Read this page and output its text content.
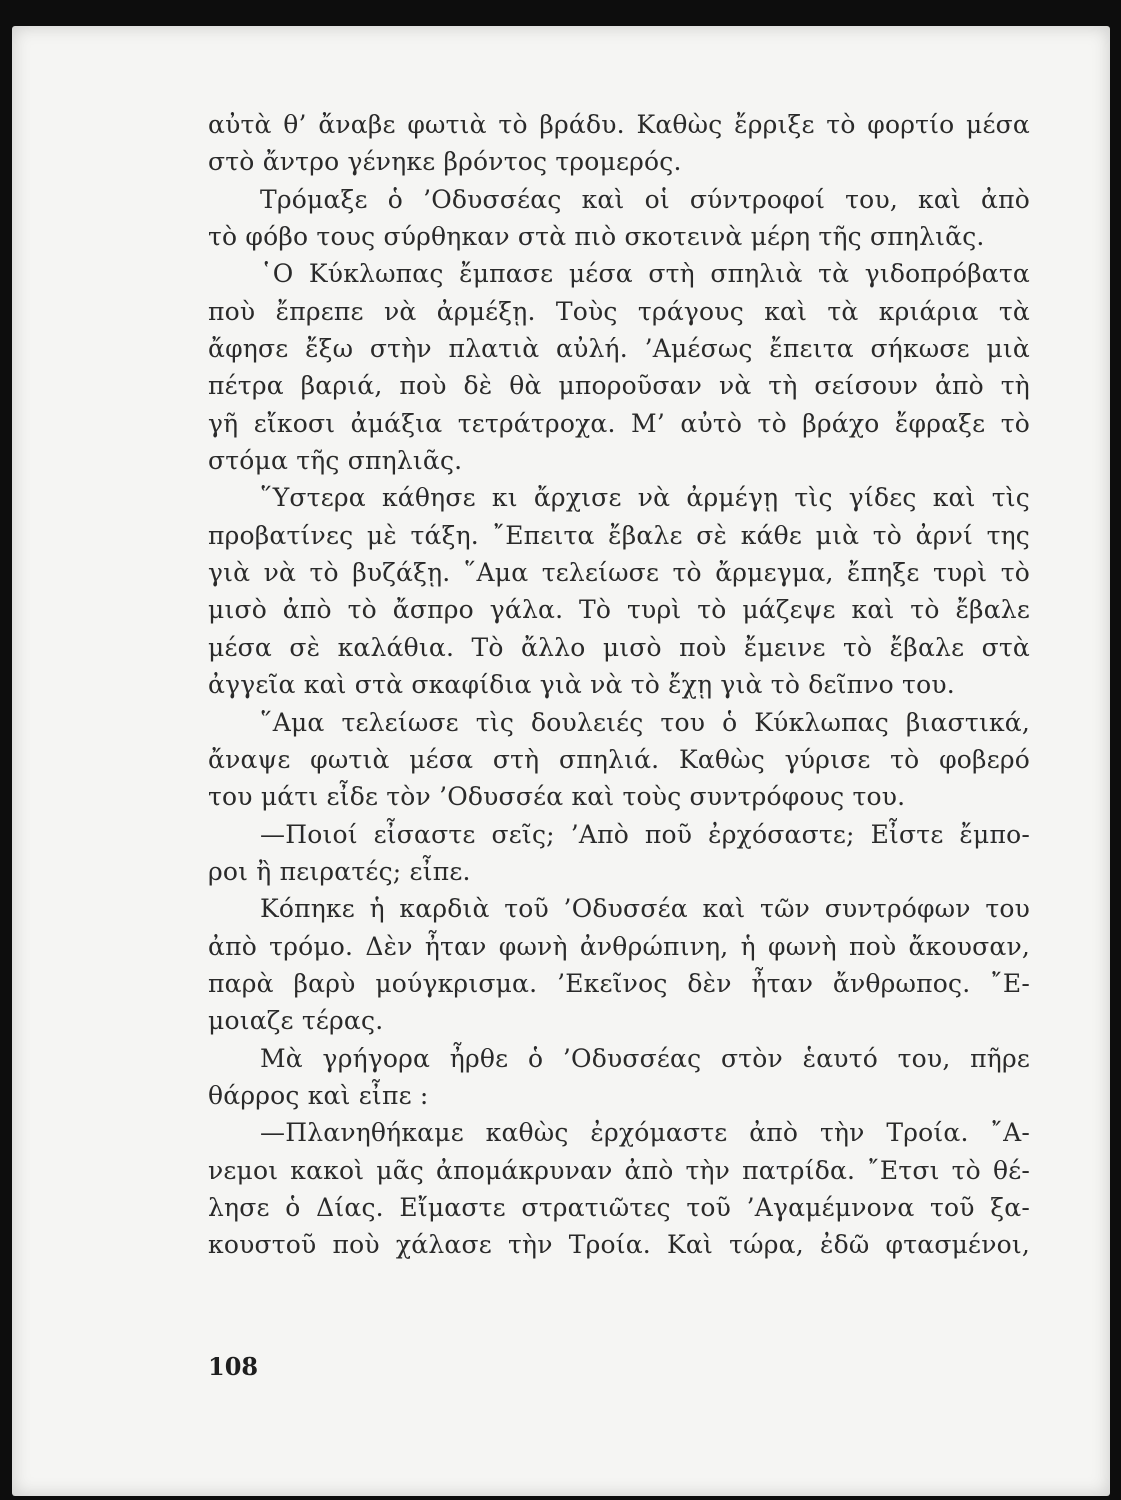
αὐτὰ θ’ ἄναβε φωτιὰ τὸ βράδυ. Καθὼς ἔρριξε τὸ φορτίο μέσα
στὸ ἄντρο γένηκε βρόντος τρομερός.
Τρόμαξε ὁ ’Οδυσσέας καὶ οἱ σύντροφοί του, καὶ ἀπὸ
τὸ φόβο τους σύρθηκαν στὰ πιὸ σκοτεινὰ μέρη τῆς σπηλιᾶς.
῾Ο Κύκλωπας ἔμπασε μέσα στὴ σπηλιὰ τὰ γιδοπρόβατα
ποὺ ἔπρεπε νὰ ἀρμέξῃ. Τοὺς τράγους καὶ τὰ κριάρια τὰ
ἄφησε ἔξω στὴν πλατιὰ αὐλή. ’Αμέσως ἔπειτα σήκωσε μιὰ
πέτρα βαριά, ποὺ δὲ θὰ μποροῦσαν νὰ τὴ σείσουν ἀπὸ τὴ
γῆ εἴκοσι ἀμάξια τετράτροχα. Μ’ αὐτὸ τὸ βράχο ἔφραξε τὸ
στόμα τῆς σπηλιᾶς.
῞Υστερα κάθησε κι ἄρχισε νὰ ἀρμέγῃ τὶς γίδες καὶ τὶς
προβατίνες μὲ τάξη. ῎Επειτα ἔβαλε σὲ κάθε μιὰ τὸ ἀρνί της
γιὰ νὰ τὸ βυζάξῃ. ῞Αμα τελείωσε τὸ ἄρμεγμα, ἔπηξε τυρὶ τὸ
μισὸ ἀπὸ τὸ ἄσπρο γάλα. Τὸ τυρὶ τὸ μάζεψε καὶ τὸ ἔβαλε
μέσα σὲ καλάθια. Τὸ ἄλλο μισὸ ποὺ ἔμεινε τὸ ἔβαλε στὰ
ἀγγεῖα καὶ στὰ σκαφίδια γιὰ νὰ τὸ ἔχῃ γιὰ τὸ δεῖπνο του.
῞Αμα τελείωσε τὶς δουλειές του ὁ Κύκλωπας βιαστικά,
ἄναψε φωτιὰ μέσα στὴ σπηλιά. Καθὼς γύρισε τὸ φοβερό
του μάτι εἶδε τὸν ’Οδυσσέα καὶ τοὺς συντρόφους του.
—Ποιοί εἶσαστε σεῖς; ’Απὸ ποῦ ἐρχόσαστε; Εἶστε ἔμπο-
ροι ἢ πειρατές; εἶπε.
Κόπηκε ἡ καρδιὰ τοῦ ’Οδυσσέα καὶ τῶν συντρόφων του
ἀπὸ τρόμο. Δὲν ἦταν φωνὴ ἀνθρώπινη, ἡ φωνὴ ποὺ ἄκουσαν,
παρὰ βαρὺ μούγκρισμα. ’Εκεῖνος δὲν ἦταν ἄνθρωπος. ῎Ε-
μοιαζε τέρας.
Μὰ γρήγορα ἦρθε ὁ ’Οδυσσέας στὸν ἑαυτό του, πῆρε
θάρρος καὶ εἶπε :
—Πλανηθήκαμε καθὼς ἐρχόμαστε ἀπὸ τὴν Τροία. ῎Α-
νεμοι κακοὶ μᾶς ἀπομάκρυναν ἀπὸ τὴν πατρίδα. ῎Ετσι τὸ θέ-
λησε ὁ Δίας. Εἴμαστε στρατιῶτες τοῦ ’Αγαμέμνονα τοῦ ξα-
κουστοῦ ποὺ χάλασε τὴν Τροία. Καὶ τώρα, ἐδῶ φτασμένοι,
108
